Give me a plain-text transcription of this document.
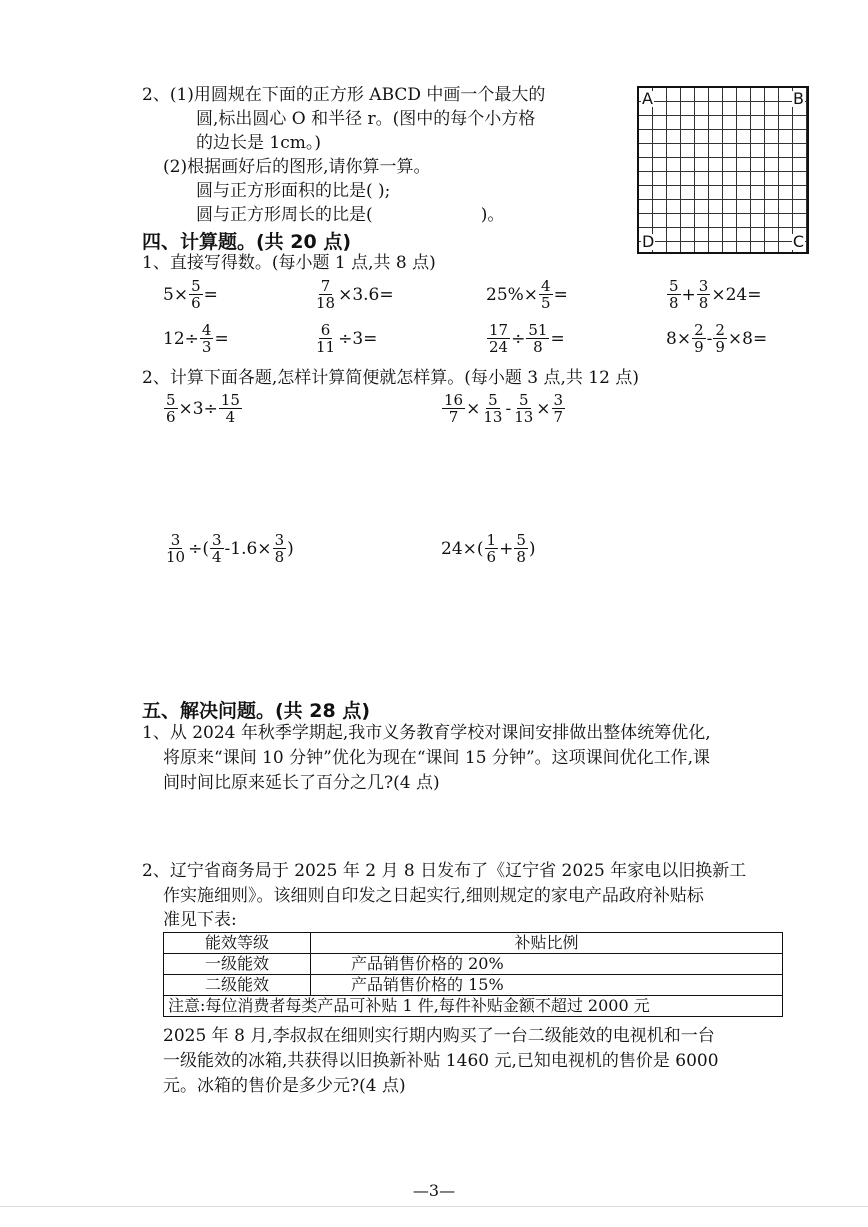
2、(1)用圆规在下面的正方形 ABCD 中画一个最大的
圆,标出圆心 O 和半径 r。(图中的每个小方格
的边长是 1cm。)
(2)根据画好后的图形,请你算一算。
圆与正方形面积的比是( );
圆与正方形周长的比是(                    )。
A	B
C
D
四、计算题。(共 20 点)
1、直接写得数。(每小题 1 点,共 8 点)
$5\times \frac{5}{6}$ =	$\frac{7}{18} \times 3.6=$	$25\%\times \frac{4}{5}$ =	$\frac{5}{8} + \frac{3}{8} \times 24=$
$12\div \frac{4}{3}$ =	$\frac{6}{11} \div 3=$	$\frac{17}{24} \div \frac{51}{8}$ =	$8\times \frac{2}{9} - \frac{2}{9} \times 8=$
2、计算下面各题,怎样计算简便就怎样算。(每小题 3 点,共 12 点)
$\frac{5}{6} \times 3\div \frac{15}{4}$	$\frac{16}{7} \times \frac{5}{13} - \frac{5}{13} \times \frac{3}{7}$
$\frac{3}{10}$ ÷( $\frac{3}{4} -1.6\times \frac{3}{8}$ )	$24\times( \frac{1}{6} + \frac{5}{8}$ )
五、解决问题。(共 28 点)
1、从 2024 年秋季学期起,我市义务教育学校对课间安排做出整体统筹优化,
将原来“课间 10 分钟”优化为现在“课间 15 分钟”。这项课间优化工作,课
间时间比原来延长了百分之几?(4 点)
2、辽宁省商务局于 2025 年 2 月 8 日发布了《辽宁省 2025 年家电以旧换新工
作实施细则》。该细则自印发之日起实行,细则规定的家电产品政府补贴标
准见下表:
能效等级	补贴比例
一级能效	产品销售价格的 20%
二级能效	产品销售价格的 15%
注意:每位消费者每类产品可补贴 1 件,每件补贴金额不超过 2000 元	
2025 年 8 月,李叔叔在细则实行期内购买了一台二级能效的电视机和一台
一级能效的冰箱,共获得以旧换新补贴 1460 元,已知电视机的售价是 6000
元。冰箱的售价是多少元?(4 点)
—3—
